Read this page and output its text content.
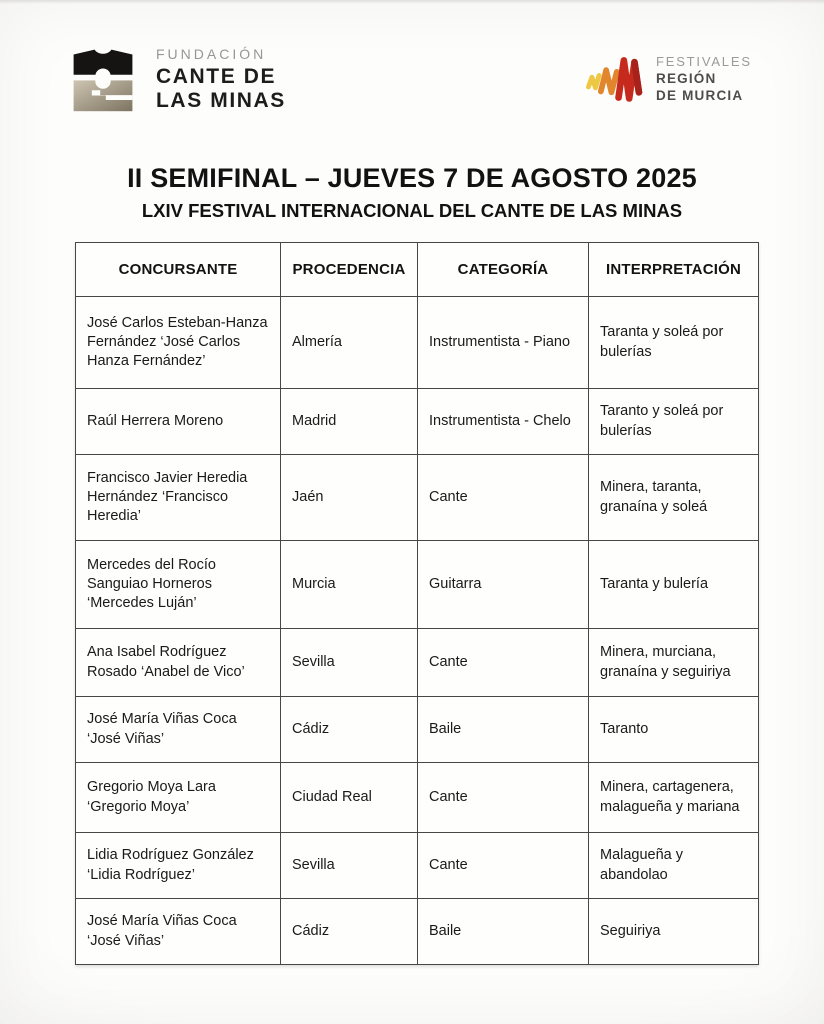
FUNDACIÓN
CANTE DE
LAS MINAS
FESTIVALES
REGIÓN
DE MURCIA
II SEMIFINAL – JUEVES 7 DE AGOSTO 2025
LXIV FESTIVAL INTERNACIONAL DEL CANTE DE LAS MINAS
CONCURSANTE	PROCEDENCIA	CATEGORÍA	INTERPRETACIÓN
José Carlos Esteban-Hanza Fernández ‘José Carlos Hanza Fernández’	Almería	Instrumentista - Piano	Taranta y soleá por bulerías
Raúl Herrera Moreno	Madrid	Instrumentista - Chelo	Taranto y soleá por bulerías
Francisco Javier Heredia Hernández ‘Francisco Heredia’	Jaén	Cante	Minera, taranta, granaína y soleá
Mercedes del Rocío Sanguiao Horneros ‘Mercedes Luján’	Murcia	Guitarra	Taranta y bulería
Ana Isabel Rodríguez Rosado ‘Anabel de Vico’	Sevilla	Cante	Minera, murciana, granaína y seguiriya
José María Viñas Coca ‘José Viñas’	Cádiz	Baile	Taranto
Gregorio Moya Lara ‘Gregorio Moya’	Ciudad Real	Cante	Minera, cartagenera, malagueña y mariana
Lidia Rodríguez González ‘Lidia Rodríguez’	Sevilla	Cante	Malagueña y abandolao
José María Viñas Coca ‘José Viñas’	Cádiz	Baile	Seguiriya
